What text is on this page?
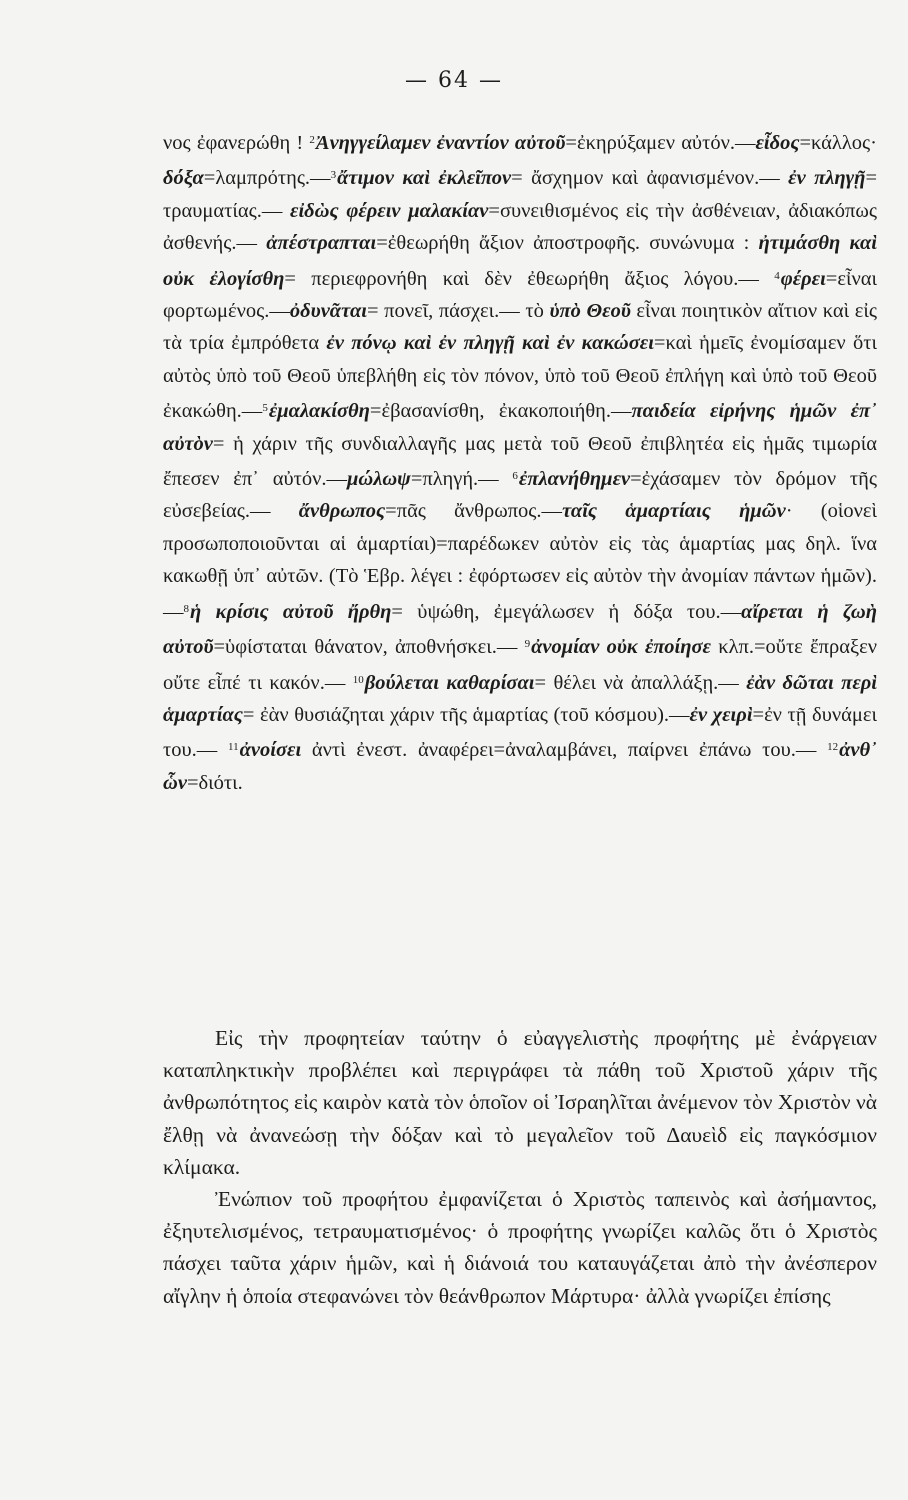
— 64 —
νος ἐφανερώθη ! $^2$Ἀνηγγείλαμεν ἐναντίον αὐτοῦ=ἐκηρύξαμεν αὐτόν.—εἶδος=κάλλος· δόξα=λαμπρότης.—$^3$ἄτιμον καὶ ἐκλεῖπον= ἄσχημον καὶ ἀφανισμένον.— ἐν πληγῇ= τραυματίας.— εἰδὼς φέρειν μαλακίαν=συνειθισμένος εἰς τὴν ἀσθένειαν, ἀδιακόπως ἀσθενής.— ἀπέστραπται=ἐθεωρήθη ἄξιον ἀποστροφῆς. συνώνυμα : ἠτιμάσθη καὶ οὐκ ἐλογίσθη= περιεφρονήθη καὶ δὲν ἐθεωρήθη ἄξιος λόγου.— $^4$φέρει=εἶναι φορτωμένος.—ὀδυνᾶται= πονεῖ, πάσχει.— τὸ ὑπὸ Θεοῦ εἶναι ποιητικὸν αἴτιον καὶ εἰς τὰ τρία ἐμπρόθετα ἐν πόνῳ καὶ ἐν πληγῇ καὶ ἐν κακώσει=καὶ ἡμεῖς ἐνομίσαμεν ὅτι αὐτὸς ὑπὸ τοῦ Θεοῦ ὑπεβλήθη εἰς τὸν πόνον, ὑπὸ τοῦ Θεοῦ ἐπλήγη καὶ ὑπὸ τοῦ Θεοῦ ἐκακώθη.—$^5$ἐμαλακίσθη=ἐβασανίσθη, ἐκακοποιήθη.—παιδεία εἰρήνης ἡμῶν ἐπ᾿ αὐτὸν= ἡ χάριν τῆς συνδιαλλαγῆς μας μετὰ τοῦ Θεοῦ ἐπιβλητέα εἰς ἡμᾶς τιμωρία ἔπεσεν ἐπ᾿ αὐτόν.—μώλωψ=πληγή.— $^6$ἐπλανήθημεν=ἐχάσαμεν τὸν δρόμον τῆς εὐσεβείας.— ἄνθρωπος=πᾶς ἄνθρωπος.—ταῖς ἁμαρτίαις ἡμῶν· (οἱονεὶ προσωποποιοῦνται αἱ ἁμαρτίαι)=παρέδωκεν αὐτὸν εἰς τὰς ἁμαρτίας μας δηλ. ἵνα κακωθῇ ὑπ᾿ αὐτῶν. (Τὸ Ἑβρ. λέγει : ἐφόρτωσεν εἰς αὐτὸν τὴν ἀνομίαν πάντων ἡμῶν).—$^8$ἡ κρίσις αὐτοῦ ἤρθη= ὑψώθη, ἐμεγάλωσεν ἡ δόξα του.—αἴρεται ἡ ζωὴ αὐτοῦ=ὑφίσταται θάνατον, ἀποθνήσκει.— $^9$ἀνομίαν οὐκ ἐποίησε κλπ.=οὔτε ἔπραξεν οὔτε εἶπέ τι κακόν.— $^{10}$βούλεται καθαρίσαι= θέλει νὰ ἀπαλλάξῃ.— ἐὰν δῶται περὶ ἁμαρτίας= ἐὰν θυσιάζηται χάριν τῆς ἁμαρτίας (τοῦ κόσμου).—ἐν χειρὶ=ἐν τῇ δυνάμει του.— $^{11}$ἀνοίσει ἀντὶ ἐνεστ. ἀναφέρει=ἀναλαμβάνει, παίρνει ἐπάνω του.— $^{12}$ἀνθ᾿ ὧν=διότι.

Εἰς τὴν προφητείαν ταύτην ὁ εὐαγγελιστὴς προφήτης μὲ ἐνάργειαν καταπληκτικὴν προβλέπει καὶ περιγράφει τὰ πάθη τοῦ Χριστοῦ χάριν τῆς ἀνθρωπότητος εἰς καιρὸν κατὰ τὸν ὁποῖον οἱ Ἰσραηλῖται ἀνέμενον τὸν Χριστὸν νὰ ἔλθῃ νὰ ἀνανεώσῃ τὴν δόξαν καὶ τὸ μεγαλεῖον τοῦ Δαυεὶδ εἰς παγκόσμιον κλίμακα.

Ἐνώπιον τοῦ προφήτου ἐμφανίζεται ὁ Χριστὸς ταπεινὸς καὶ ἀσήμαντος, ἐξηυτελισμένος, τετραυματισμένος· ὁ προφήτης γνωρίζει καλῶς ὅτι ὁ Χριστὸς πάσχει ταῦτα χάριν ἡμῶν, καὶ ἡ διάνοιά του καταυγάζεται ἀπὸ τὴν ἀνέσπερον αἴγλην ἡ ὁποία στεφανώνει τὸν θεάνθρωπον Μάρτυρα· ἀλλὰ γνωρίζει ἐπίσης
